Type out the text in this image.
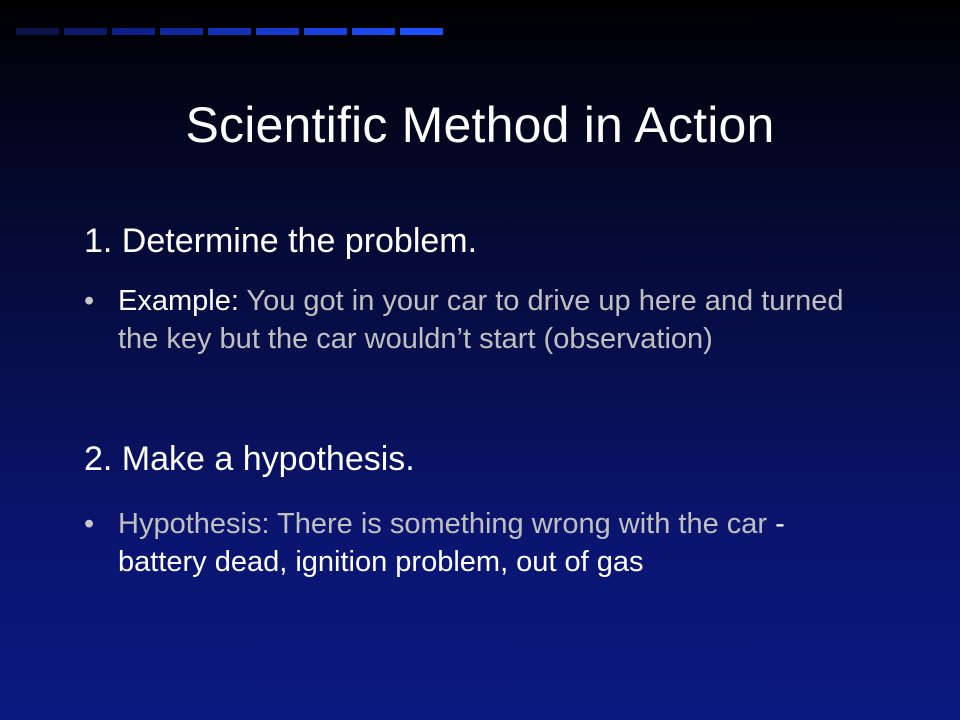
Scientific Method in Action

1. Determine the problem.

• Example: You got in your car to drive up here and turned the key but the car wouldn’t start (observation)

2. Make a hypothesis.

• Hypothesis: There is something wrong with the car - battery dead, ignition problem, out of gas
